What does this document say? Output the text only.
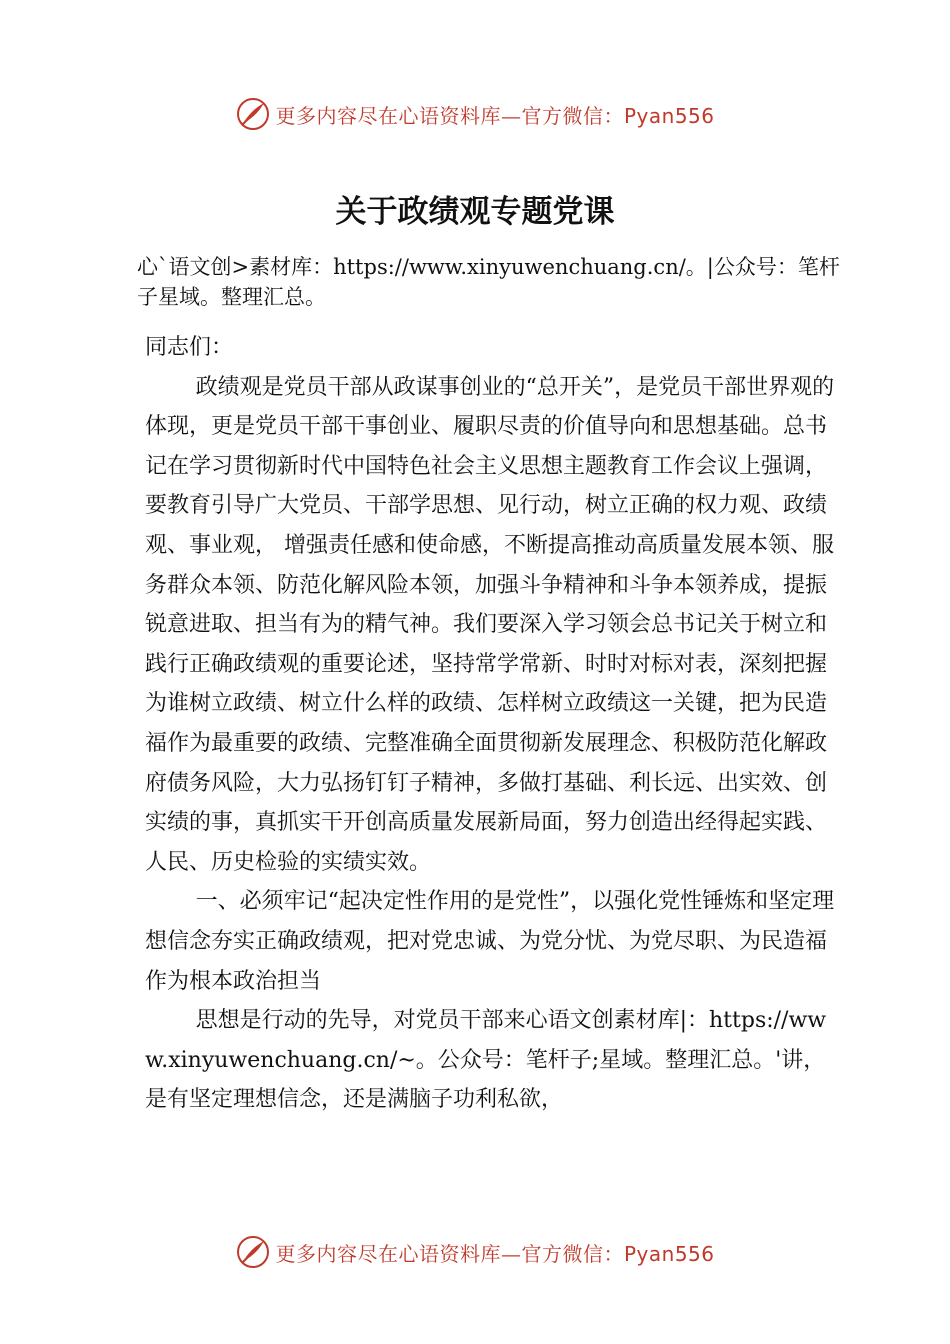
更多内容尽在心语资料库—官方微信：Pyan556
关于政绩观专题党课

心`语文创>素材库：https://www.xinyuwenchuang.cn/。|公众号：笔杆子星域。整理汇总。

同志们：

政绩观是党员干部从政谋事创业的“总开关”，是党员干部世界观的体现，更是党员干部干事创业、履职尽责的价值导向和思想基础。总书记在学习贯彻新时代中国特色社会主义思想主题教育工作会议上强调，要教育引导广大党员、干部学思想、见行动，树立正确的权力观、政绩观、事业观， 增强责任感和使命感，不断提高推动高质量发展本领、服务群众本领、防范化解风险本领，加强斗争精神和斗争本领养成，提振锐意进取、担当有为的精气神。我们要深入学习领会总书记关于树立和践行正确政绩观的重要论述，坚持常学常新、时时对标对表，深刻把握为谁树立政绩、树立什么样的政绩、怎样树立政绩这一关键，把为民造福作为最重要的政绩、完整准确全面贯彻新发展理念、积极防范化解政府债务风险，大力弘扬钉钉子精神，多做打基础、利长远、出实效、创实绩的事，真抓实干开创高质量发展新局面，努力创造出经得起实践、人民、历史检验的实绩实效。

一、必须牢记“起决定性作用的是党性”，以强化党性锤炼和坚定理想信念夯实正确政绩观，把对党忠诚、为党分忧、为党尽职、为民造福作为根本政治担当

思想是行动的先导，对党员干部来心语文创素材库|：https://www.xinyuwenchuang.cn/~。公众号：笔杆子;星域。整理汇总。'讲，是有坚定理想信念，还是满脑子功利私欲，

更多内容尽在心语资料库—官方微信：Pyan556
